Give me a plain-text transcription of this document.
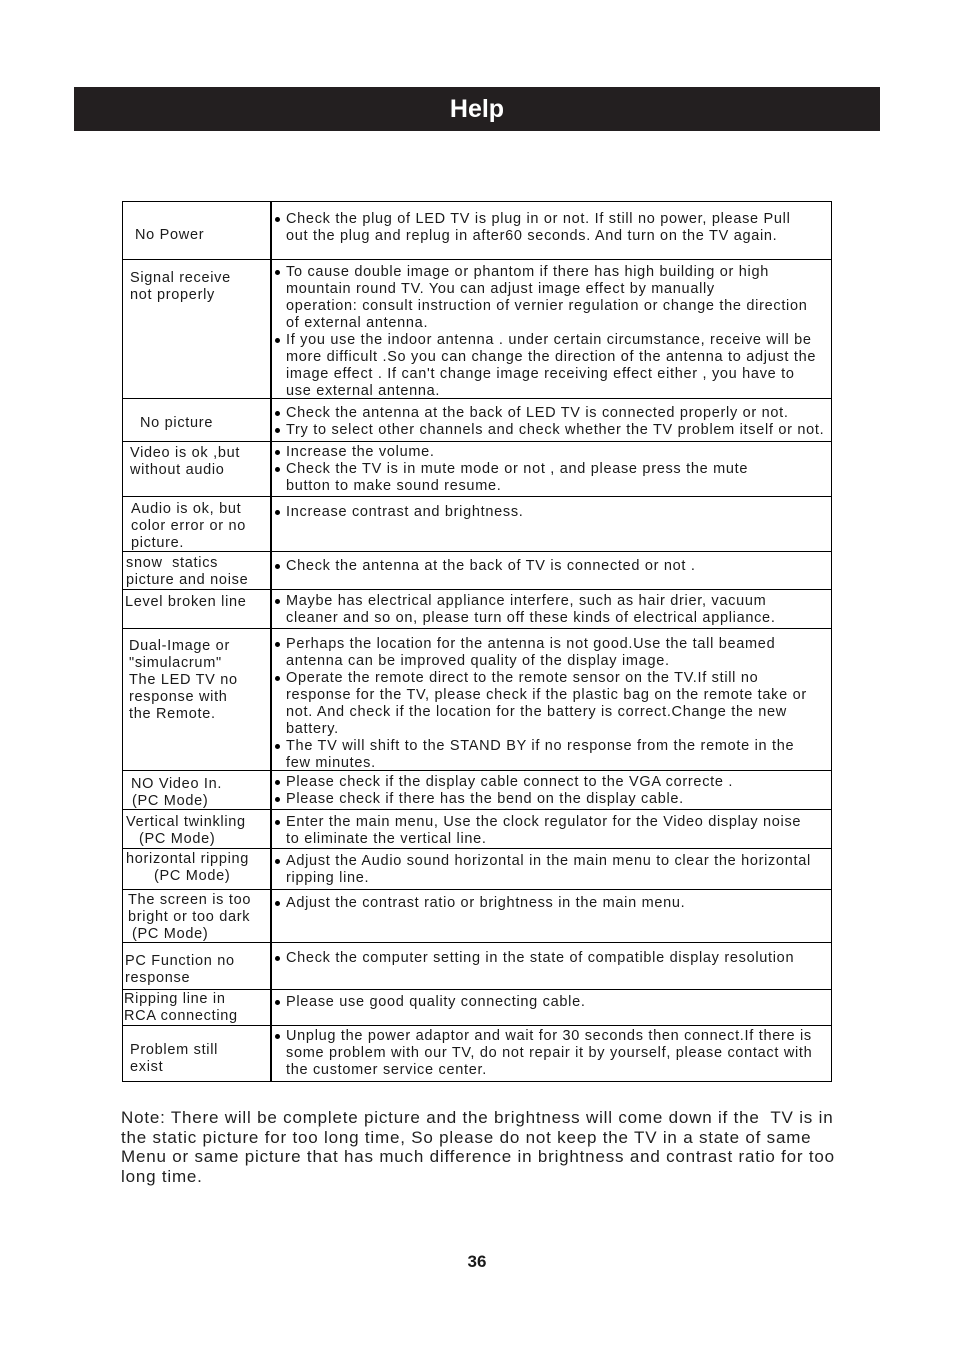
Help
No Power
Check the plug of LED TV is plug in or not. If still no power, please Pull
out the plug and replug in after60 seconds. And turn on the TV again.
Signal receive
not properly
To cause double image or phantom if there has high building or high
mountain round TV. You can adjust image effect by manually
operation: consult instruction of vernier regulation or change the direction
of external antenna.
If you use the indoor antenna . under certain circumstance, receive will be
more difficult .So you can change the direction of the antenna to adjust the
image effect . If can't change image receiving effect either , you have to
use external antenna.
No picture
Check the antenna at the back of LED TV is connected properly or not.
Try to select other channels and check whether the TV problem itself or not.
Video is ok ,but
without audio
Increase the volume.
Check the TV is in mute mode or not , and please press the mute
button to make sound resume.
Audio is ok, but
color error or no
picture.
Increase contrast and brightness.
snow  statics
picture and noise
Check the antenna at the back of TV is connected or not .
Level broken line	Maybe has electrical appliance interfere, such as hair drier, vacuum
cleaner and so on, please turn off these kinds of electrical appliance.
Dual-Image or
"simulacrum"
The LED TV no
response with
the Remote.
Perhaps the location for the antenna is not good.Use the tall beamed
antenna can be improved quality of the display image.
Operate the remote direct to the remote sensor on the TV.If still no
response for the TV, please check if the plastic bag on the remote take or
not. And check if the location for the battery is correct.Change the new
battery.
The TV will shift to the STAND BY if no response from the remote in the
few minutes.
NO Video In.
(PC Mode)
Please check if the display cable connect to the VGA correcte .
Please check if there has the bend on the display cable.
Vertical twinkling
(PC Mode)
Enter the main menu, Use the clock regulator for the Video display noise
to eliminate the vertical line.
horizontal ripping
(PC Mode)
Adjust the Audio sound horizontal in the main menu to clear the horizontal
ripping line.
The screen is too
bright or too dark
(PC Mode)
Adjust the contrast ratio or brightness in the main menu.
PC Function no
response
Check the computer setting in the state of compatible display resolution
Ripping line in
RCA connecting
Please use good quality connecting cable.
Problem still
exist
Unplug the power adaptor and wait for 30 seconds then connect.If there is
some problem with our TV, do not repair it by yourself, please contact with
the customer service center.
Note: There will be complete picture and the brightness will come down if the  TV is in
the static picture for too long time, So please do not keep the TV in a state of same
Menu or same picture that has much difference in brightness and contrast ratio for too
long time.
36
